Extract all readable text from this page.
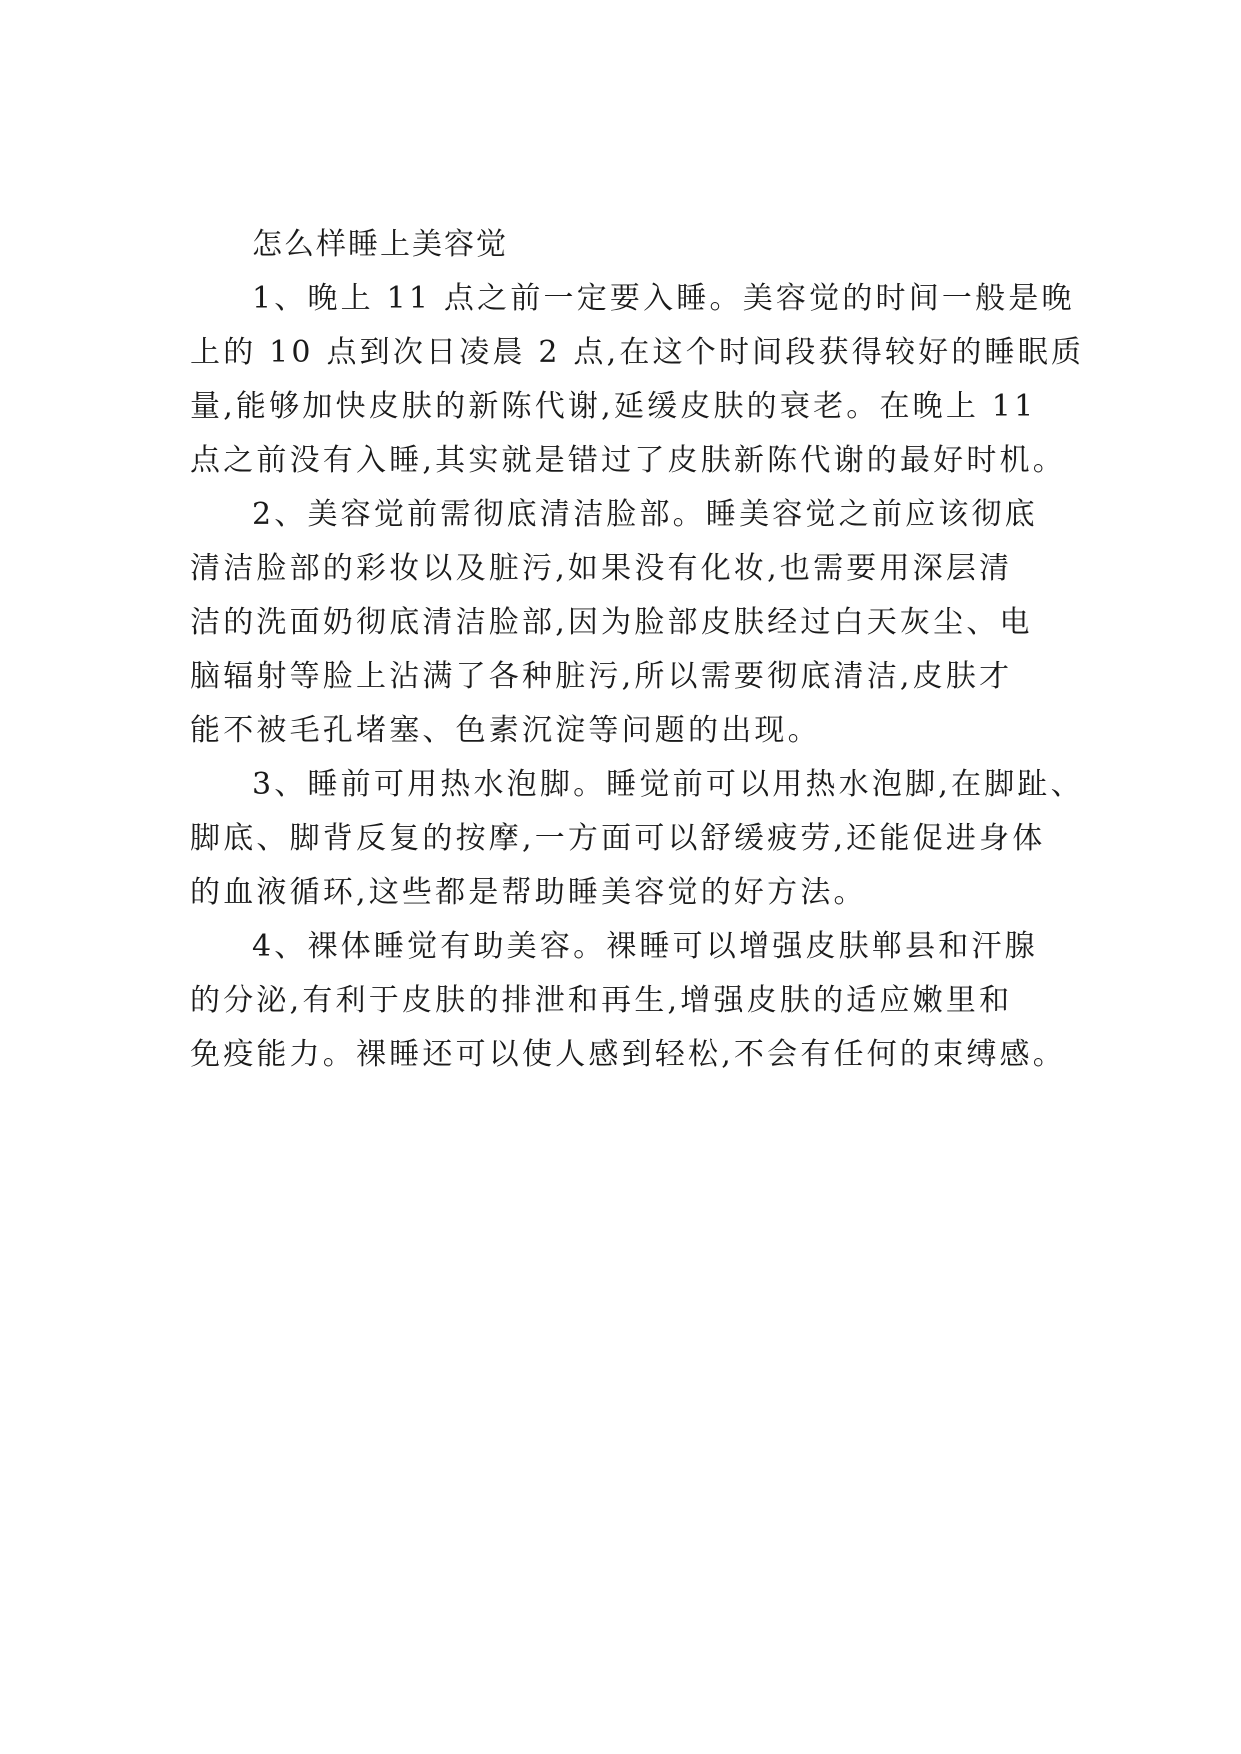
怎么样睡上美容觉
1、晚上 11 点之前一定要入睡。美容觉的时间一般是晚
上的 10 点到次日凌晨 2 点,在这个时间段获得较好的睡眠质
量,能够加快皮肤的新陈代谢,延缓皮肤的衰老。在晚上 11
点之前没有入睡,其实就是错过了皮肤新陈代谢的最好时机。
2、美容觉前需彻底清洁脸部。睡美容觉之前应该彻底
清洁脸部的彩妆以及脏污,如果没有化妆,也需要用深层清
洁的洗面奶彻底清洁脸部,因为脸部皮肤经过白天灰尘、电
脑辐射等脸上沾满了各种脏污,所以需要彻底清洁,皮肤才
能不被毛孔堵塞、色素沉淀等问题的出现。
3、睡前可用热水泡脚。睡觉前可以用热水泡脚,在脚趾、
脚底、脚背反复的按摩,一方面可以舒缓疲劳,还能促进身体
的血液循环,这些都是帮助睡美容觉的好方法。
4、裸体睡觉有助美容。裸睡可以增强皮肤郸县和汗腺
的分泌,有利于皮肤的排泄和再生,增强皮肤的适应嫩里和
免疫能力。裸睡还可以使人感到轻松,不会有任何的束缚感。
